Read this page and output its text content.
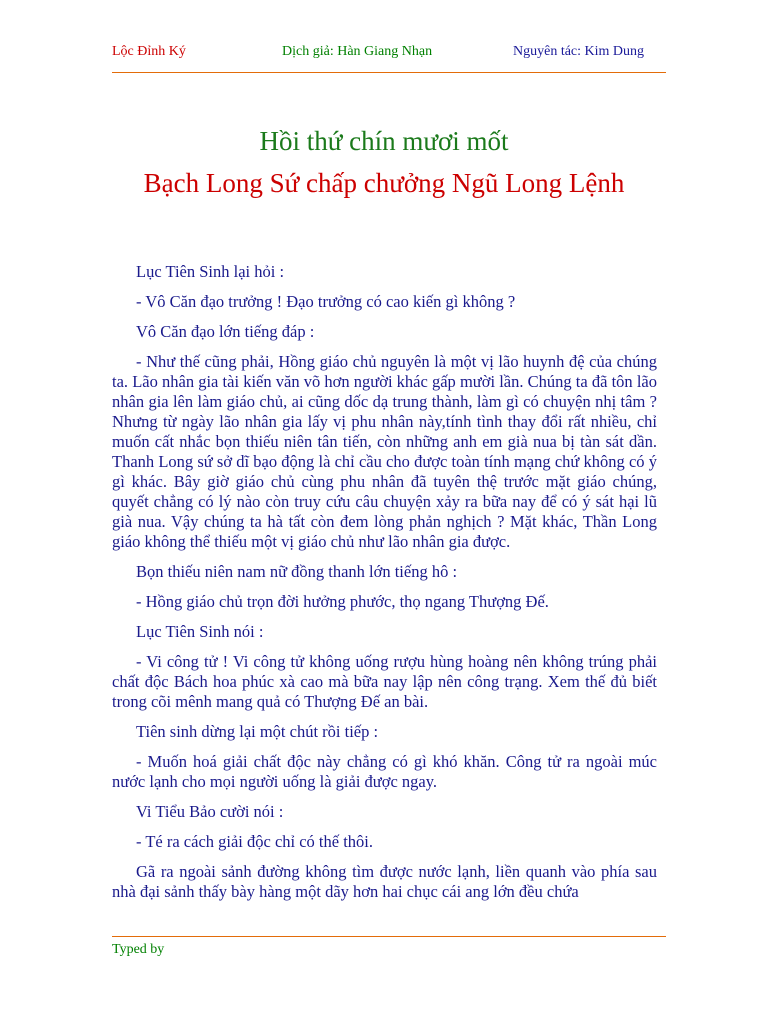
Lộc Đỉnh Ký	Dịch giả: Hàn Giang Nhạn	Nguyên tác: Kim Dung
Hồi thứ chín mươi mốt
Bạch Long Sứ chấp chưởng Ngũ Long Lệnh

Lục Tiên Sinh lại hỏi :

- Vô Căn đạo trưởng ! Đạo trưởng có cao kiến gì không ?

Vô Căn đạo lớn tiếng đáp :

- Như thế cũng phải, Hồng giáo chủ nguyên là một vị lão huynh đệ của chúng ta. Lão nhân gia tài kiến văn võ hơn người khác gấp mười lần. Chúng ta đã tôn lão nhân gia lên làm giáo chủ, ai cũng dốc dạ trung thành, làm gì có chuyện nhị tâm ? Nhưng từ ngày lão nhân gia lấy vị phu nhân này,tính tình thay đổi rất nhiều, chỉ muốn cất nhắc bọn thiếu niên tân tiến, còn những anh em già nua bị tàn sát dần. Thanh Long sứ sở dĩ bạo động là chỉ cầu cho được toàn tính mạng chứ không có ý gì khác. Bây giờ giáo chủ cùng phu nhân đã tuyên thệ trước mặt giáo chúng, quyết chẳng có lý nào còn truy cứu câu chuyện xảy ra bữa nay để có ý sát hại lũ già nua. Vậy chúng ta hà tất còn đem lòng phản nghịch ? Mặt khác, Thần Long giáo không thể thiếu một vị giáo chủ như lão nhân gia được.

Bọn thiếu niên nam nữ đồng thanh lớn tiếng hô :

- Hồng giáo chủ trọn đời hưởng phước, thọ ngang Thượng Đế.

Lục Tiên Sinh nói :

- Vi công tử ! Vi công tử không uống rượu hùng hoàng nên không trúng phải chất độc Bách hoa phúc xà cao mà bữa nay lập nên công trạng. Xem thế đủ biết trong cõi mênh mang quả có Thượng Đế an bài.

Tiên sinh dừng lại một chút rồi tiếp :

- Muốn hoá giải chất độc này chẳng có gì khó khăn. Công tử ra ngoài múc nước lạnh cho mọi người uống là giải được ngay.

Vi Tiểu Bảo cười nói :

- Té ra cách giải độc chỉ có thế thôi.

Gã ra ngoài sảnh đường không tìm được nước lạnh, liền quanh vào phía sau nhà đại sảnh thấy bày hàng một dãy hơn hai chục cái ang lớn đều chứa

Typed by
